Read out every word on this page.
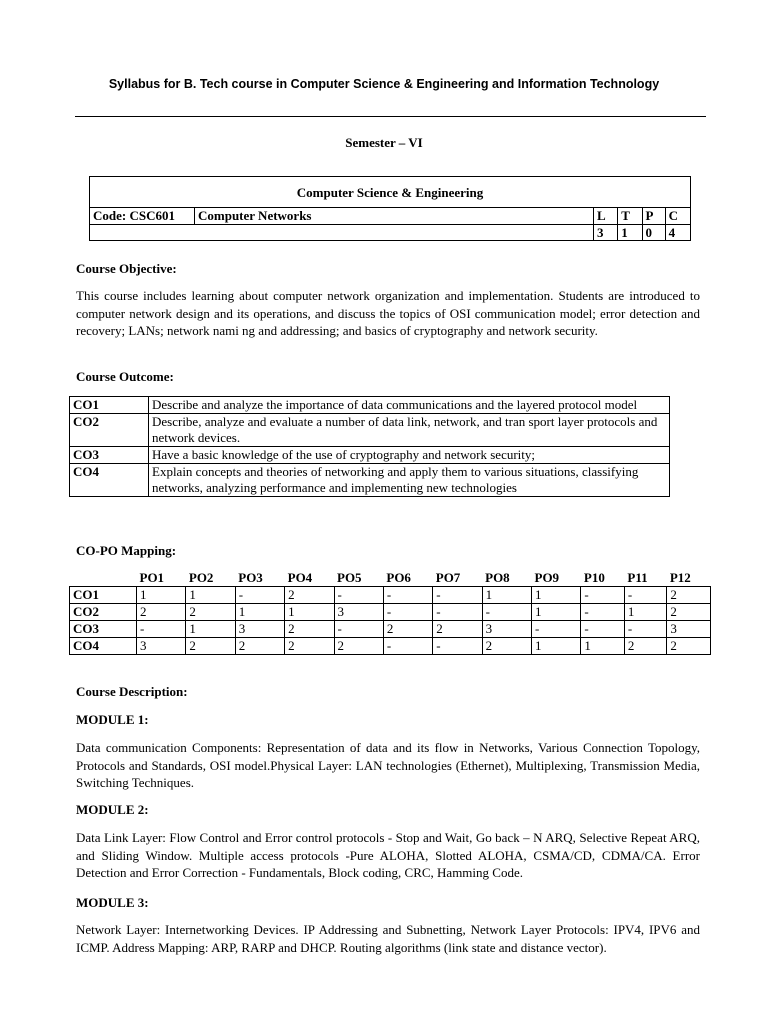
Syllabus for B. Tech course in Computer Science & Engineering and Information Technology
Semester – VI
Computer Science & Engineering					
Code: CSC601	Computer Networks	L	T	P	C
		3	1	0	4
Course Objective:
This course includes learning about computer network organization and implementation. Students are introduced to computer network design and its operations, and discuss the topics of OSI communication model; error detection and recovery; LANs; network nami ng and addressing; and basics of cryptography and network security.
Course Outcome:
CO1	Describe and analyze the importance of data communications and the layered protocol model
CO2	Describe, analyze and evaluate a number of data link, network, and tran sport layer protocols and network devices.
CO3	Have a basic knowledge of the use of cryptography and network security;
CO4	Explain concepts and theories of networking and apply them to various situations, classifying networks, analyzing performance and implementing new technologies
CO-PO Mapping:
	PO1	PO2	PO3	PO4	PO5	PO6	PO7	PO8	PO9	P10	P11	P12
CO1	1	1	-	2	-	-	-	1	1	-	-	2
CO2	2	2	1	1	3	-	-	-	1	-	1	2
CO3	-	1	3	2	-	2	2	3	-	-	-	3
CO4	3	2	2	2	2	-	-	2	1	1	2	2
Course Description:
MODULE 1:
Data communication Components: Representation of data and its flow in Networks, Various Connection Topology, Protocols and Standards, OSI model.Physical Layer: LAN technologies (Ethernet), Multiplexing, Transmission Media, Switching Techniques.
MODULE 2:
Data Link Layer: Flow Control and Error control protocols - Stop and Wait, Go back – N ARQ, Selective Repeat ARQ, and Sliding Window. Multiple access protocols -Pure ALOHA, Slotted ALOHA, CSMA/CD, CDMA/CA. Error Detection and Error Correction - Fundamentals, Block coding, CRC, Hamming Code.
MODULE 3:
Network Layer: Internetworking Devices. IP Addressing and Subnetting, Network Layer Protocols: IPV4, IPV6 and ICMP. Address Mapping: ARP, RARP and DHCP. Routing algorithms (link state and distance vector).
